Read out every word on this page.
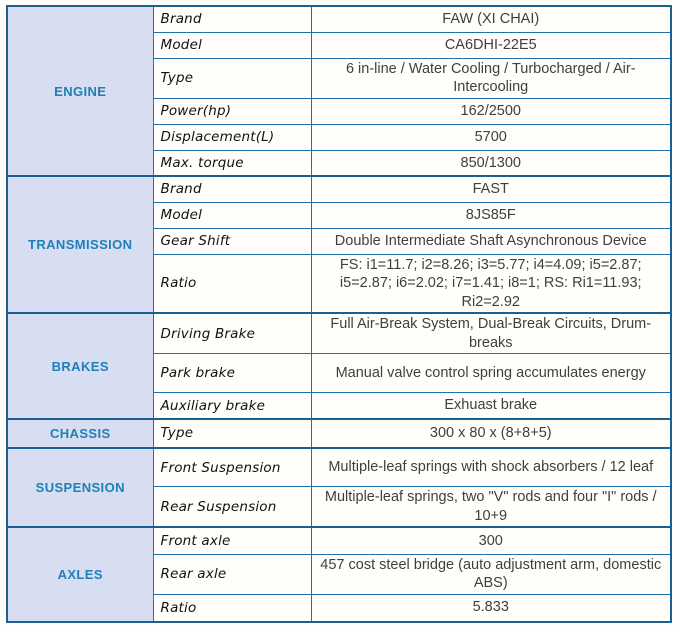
ENGINE	Brand	FAW (XI CHAI)
	Model	CA6DHI-22E5
	Type	6 in-line / Water Cooling / Turbocharged / Air-Intercooling
	Power(hp)	162/2500
	Displacement(L)	5700
	Max. torque	850/1300
TRANSMISSION	Brand	FAST
	Model	8JS85F
	Gear Shift	Double Intermediate Shaft Asynchronous Device
	Ratio	FS: i1=11.7; i2=8.26; i3=5.77; i4=4.09; i5=2.87; i5=2.87; i6=2.02; i7=1.41; i8=1; RS: Ri1=11.93; Ri2=2.92
BRAKES	Driving Brake	Full Air-Break System, Dual-Break Circuits, Drum-breaks
	Park brake	Manual valve control spring accumulates energy
	Auxiliary brake	Exhuast brake
CHASSIS	Type	300 x 80 x (8+8+5)
SUSPENSION	Front Suspension	Multiple-leaf springs with shock absorbers / 12 leaf
	Rear Suspension	Multiple-leaf springs, two "V" rods and four "I" rods / 10+9
AXLES	Front axle	300
	Rear axle	457 cost steel bridge (auto adjustment arm, domestic ABS)
	Ratio	5.833
